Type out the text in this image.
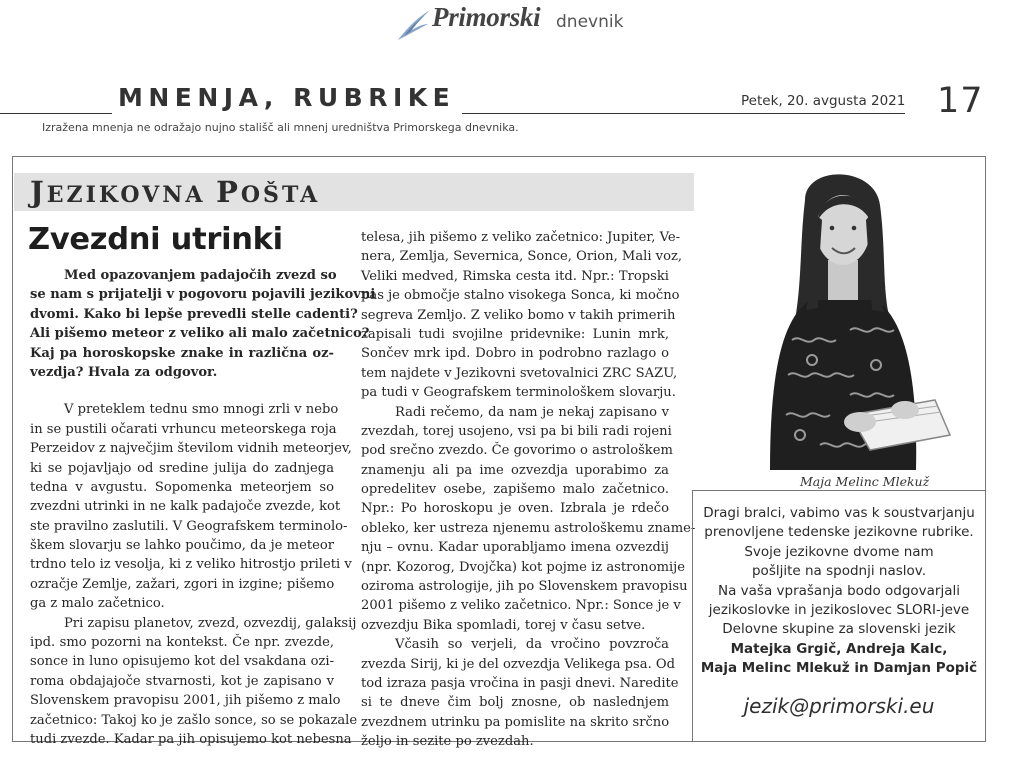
Primorski dnevnik
MNENJA, RUBRIKE	Petek, 20. avgusta 2021 17
Izražena mnenja ne odražajo nujno stališč ali mnenj uredništva Primorskega dnevnika.
JEZIKOVNA POŠTA
Zvezdni utrinki

Med opazovanjem padajočih zvezd so
se nam s prijatelji v pogovoru pojavili jezikovni
dvomi. Kako bi lepše prevedli stelle cadenti?
Ali pišemo meteor z veliko ali malo začetnico?
Kaj pa horoskopske znake in različna oz-
vezdja? Hvala za odgovor.

V preteklem tednu smo mnogi zrli v nebo
in se pustili očarati vrhuncu meteorskega roja
Perzeidov z največjim številom vidnih meteorjev,
ki se pojavljajo od sredine julija do zadnjega
tedna v avgustu. Sopomenka meteorjem so
zvezdni utrinki in ne kalk padajoče zvezde, kot
ste pravilno zaslutili. V Geografskem terminolo-
škem slovarju se lahko poučimo, da je meteor
trdno telo iz vesolja, ki z veliko hitrostjo prileti v
ozračje Zemlje, zažari, zgori in izgine; pišemo
ga z malo začetnico.

Pri zapisu planetov, zvezd, ozvezdij, galaksij
ipd. smo pozorni na kontekst. Če npr. zvezde,
sonce in luno opisujemo kot del vsakdana ozi-
roma obdajajoče stvarnosti, kot je zapisano v
Slovenskem pravopisu 2001, jih pišemo z malo
začetnico: Takoj ko je zašlo sonce, so se pokazale
tudi zvezde. Kadar pa jih opisujemo kot nebesna

telesa, jih pišemo z veliko začetnico: Jupiter, Ve-
nera, Zemlja, Severnica, Sonce, Orion, Mali voz,
Veliki medved, Rimska cesta itd. Npr.: Tropski
pas je območje stalno visokega Sonca, ki močno
segreva Zemljo. Z veliko bomo v takih primerih
zapisali tudi svojilne pridevnike: Lunin mrk,
Sončev mrk ipd. Dobro in podrobno razlago o
tem najdete v Jezikovni svetovalnici ZRC SAZU,
pa tudi v Geografskem terminološkem slovarju.

Radi rečemo, da nam je nekaj zapisano v
zvezdah, torej usojeno, vsi pa bi bili radi rojeni
pod srečno zvezdo. Če govorimo o astrološkem
znamenju ali pa ime ozvezdja uporabimo za
opredelitev osebe, zapišemo malo začetnico.
Npr.: Po horoskopu je oven. Izbrala je rdečo
obleko, ker ustreza njenemu astrološkemu zname-
nju – ovnu. Kadar uporabljamo imena ozvezdij
(npr. Kozorog, Dvojčka) kot pojme iz astronomije
oziroma astrologije, jih po Slovenskem pravopisu
2001 pišemo z veliko začetnico. Npr.: Sonce je v
ozvezdju Bika spomladi, torej v času setve.

Včasih so verjeli, da vročino povzroča
zvezda Sirij, ki je del ozvezdja Velikega psa. Od
tod izraza pasja vročina in pasji dnevi. Naredite
si te dneve čim bolj znosne, ob naslednjem
zvezdnem utrinku pa pomislite na skrito srčno
željo in sezite po zvezdah.

Maja Melinc Mlekuž
Dragi bralci, vabimo vas k soustvarjanju
prenovljene tedenske jezikovne rubrike.
Svoje jezikovne dvome nam
pošljite na spodnji naslov.
Na vaša vprašanja bodo odgovarjali
jezikoslovke in jezikoslovec SLORI-jeve
Delovne skupine za slovenski jezik
Matejka Grgič, Andreja Kalc,
Maja Melinc Mlekuž in Damjan Popič
jezik@primorski.eu
